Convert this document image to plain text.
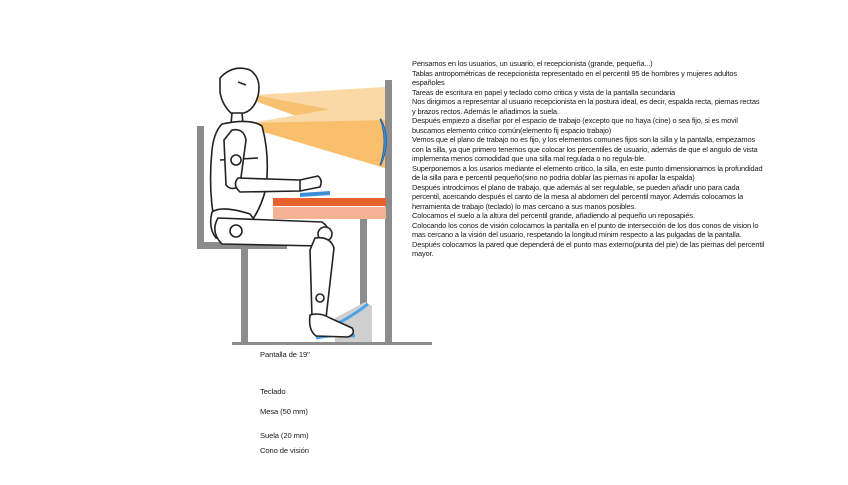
Pantalla de 19"
Teclado
Mesa (50 mm)
Suela (20 mm)
Cono de visión

Pensamos en los usuarios, un usuario, el recepcionista (grande, pequeña...)

Tablas antropométricas de recepcionista representado en el percentil 95 de hombres y mujeres adultos españoles

Tareas de escritura en papel y teclado como critica y vista de la pantalla secundaria

Nos dirigimos a representar al usuario recepcionista en la postura ideal, es decir, espalda recta, piernas rectas y brazos rectos. Además le añadimos la suela.

Después empiezo a diseñar por el espacio de trabajo (excepto que no haya (cine) o sea fijo, si es movil buscamos elemento critico común(elemento fij espacio trabajo)

Vemos que el plano de trabajo no es fijo, y los elementos comunes fijos son la silla y la pantalla, empezamos con la silla, ya que primero tenemos que colocar los percentiles de usuario, además de que el angulo de vista implementa menos comodidad que una silla mal regulada o no regula-ble.

Superponemos a los usarios mediante el elemento critico, la silla, en este punto dimensionamos la profundidad de la silla para e percentil pequeño(sino no podria doblar las piernas ni apollar la espalda)

Después introdcimos el plano de trabajo, que además al ser regulable, se pueden añadir uno para cada percentil, acercando después el canto de la mesa al abdomen del percentil mayor. Además colocamos la herramienta de trabajo (teclado) lo mas cercano a sus manos posibles.

Colocamos el suelo a la altura del percentil grande, añadiendo al pequeño un reposapiés.

Colocando los conos de visión colocamos la pantalla en el punto de intersección de los dos conos de vision lo mas cercano a la visión del usuario, respetando la longitud mínim respecto a las pulgadas de la pantalla.

Después colocamos la pared que dependerá de el punto mas externo(punta del pie) de las piernas del percentil mayor.
